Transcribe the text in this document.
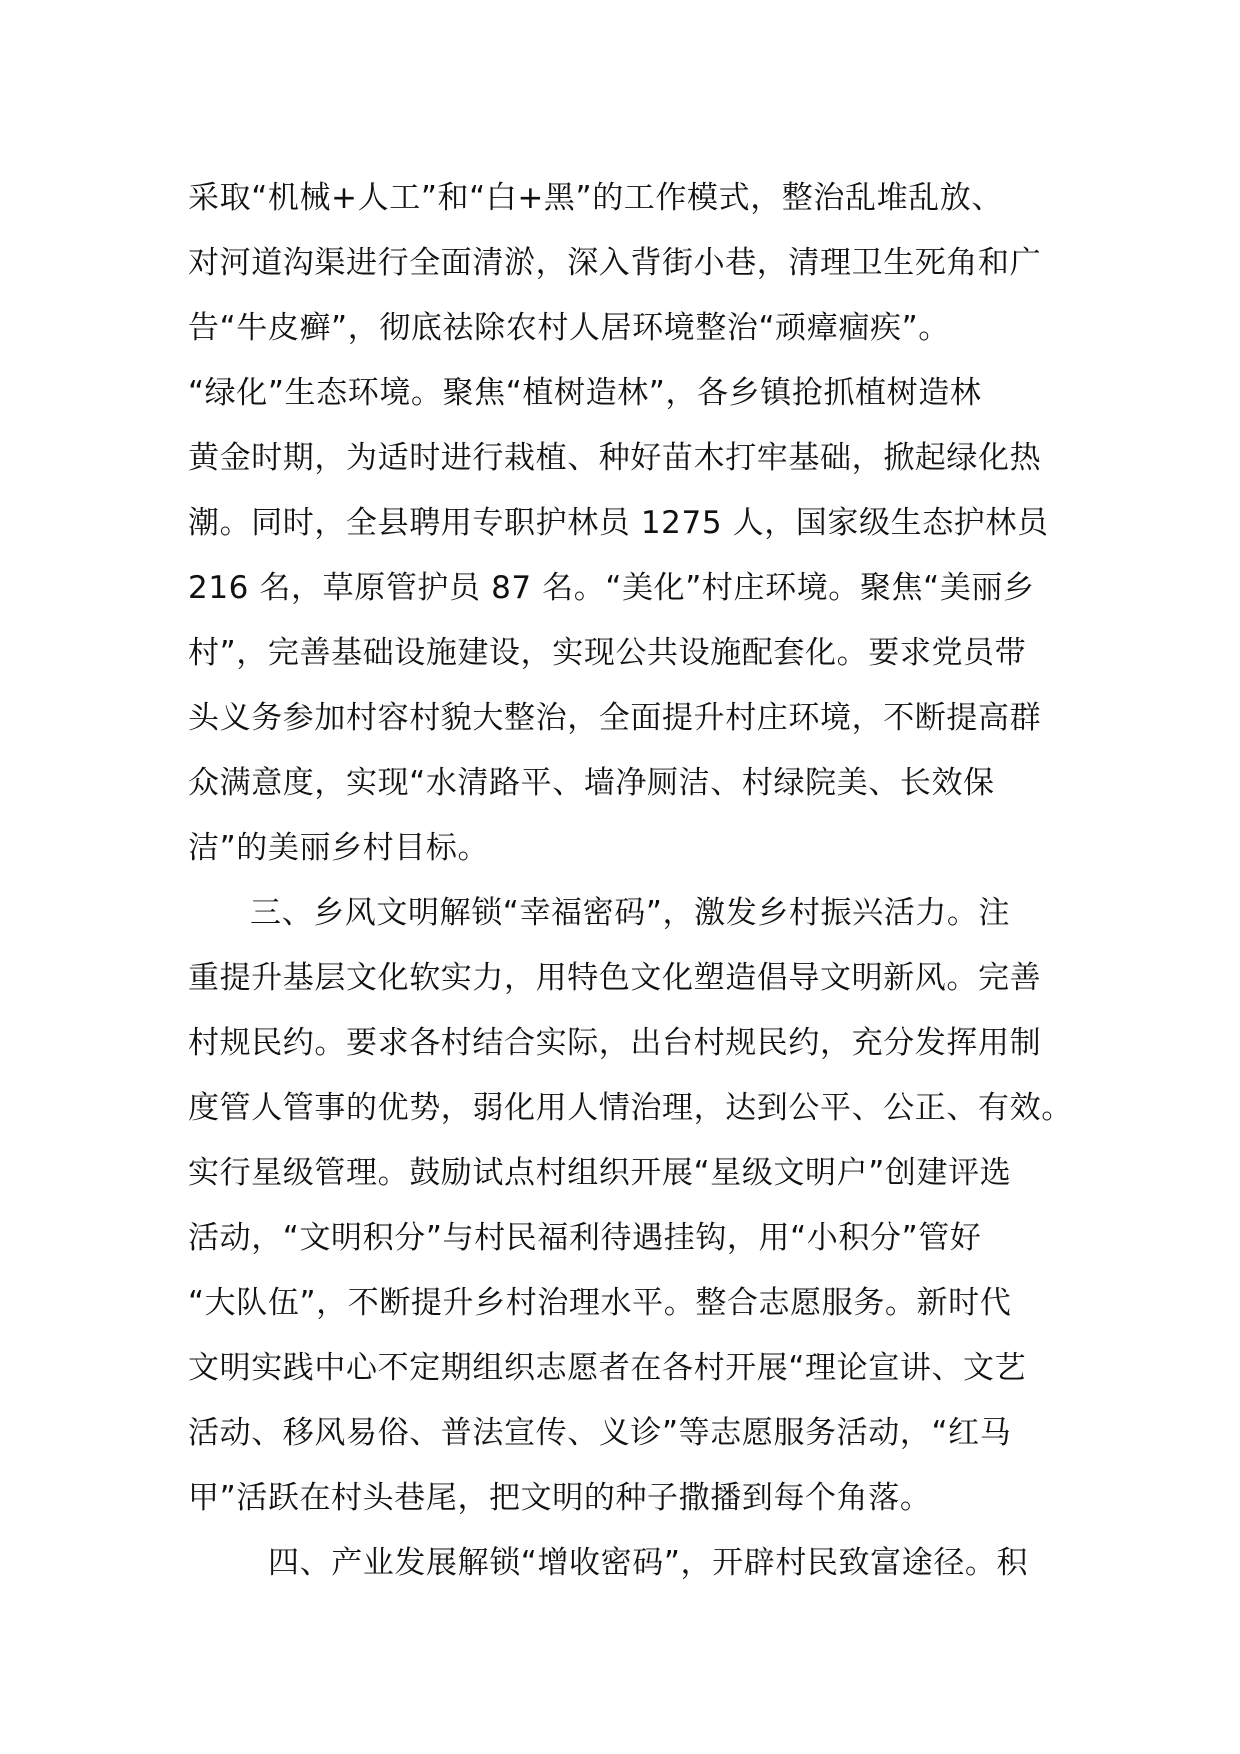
采取“机械+人工”和“白+黑”的工作模式，整治乱堆乱放、
对河道沟渠进行全面清淤，深入背街小巷，清理卫生死角和广
告“牛皮癣”，彻底祛除农村人居环境整治“顽瘴痼疾”。
“绿化”生态环境。聚焦“植树造林”，各乡镇抢抓植树造林
黄金时期，为适时进行栽植、种好苗木打牢基础，掀起绿化热
潮。同时，全县聘用专职护林员 1275 人，国家级生态护林员
216 名，草原管护员 87 名。“美化”村庄环境。聚焦“美丽乡
村”，完善基础设施建设，实现公共设施配套化。要求党员带
头义务参加村容村貌大整治，全面提升村庄环境，不断提高群
众满意度，实现“水清路平、墙净厕洁、村绿院美、长效保
洁”的美丽乡村目标。
三、乡风文明解锁“幸福密码”，激发乡村振兴活力。注
重提升基层文化软实力，用特色文化塑造倡导文明新风。完善
村规民约。要求各村结合实际，出台村规民约，充分发挥用制
度管人管事的优势，弱化用人情治理，达到公平、公正、有效。
实行星级管理。鼓励试点村组织开展“星级文明户”创建评选
活动，“文明积分”与村民福利待遇挂钩，用“小积分”管好
“大队伍”，不断提升乡村治理水平。整合志愿服务。新时代
文明实践中心不定期组织志愿者在各村开展“理论宣讲、文艺
活动、移风易俗、普法宣传、义诊”等志愿服务活动，“红马
甲”活跃在村头巷尾，把文明的种子撒播到每个角落。
四、产业发展解锁“增收密码”，开辟村民致富途径。积
